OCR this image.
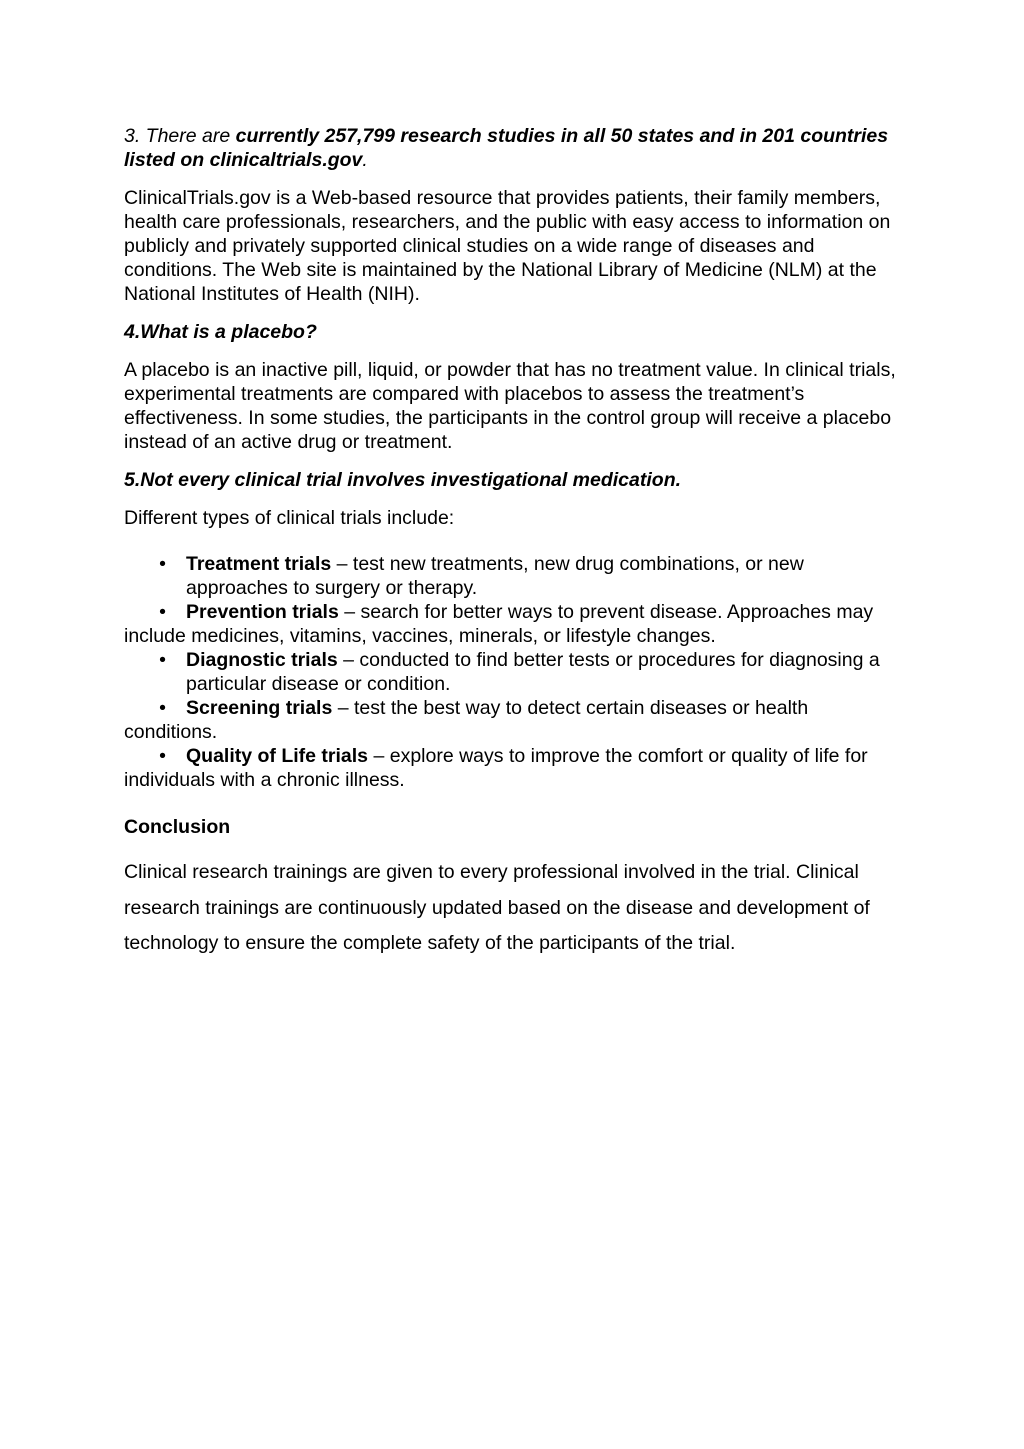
3. There are currently 257,799 research studies in all 50 states and in 201 countries listed on clinicaltrials.gov.

ClinicalTrials.gov is a Web-based resource that provides patients, their family members, health care professionals, researchers, and the public with easy access to information on publicly and privately supported clinical studies on a wide range of diseases and conditions. The Web site is maintained by the National Library of Medicine (NLM) at the National Institutes of Health (NIH).

4.What is a placebo?

A placebo is an inactive pill, liquid, or powder that has no treatment value. In clinical trials, experimental treatments are compared with placebos to assess the treatment’s effectiveness. In some studies, the participants in the control group will receive a placebo instead of an active drug or treatment.

5.Not every clinical trial involves investigational medication.

Different types of clinical trials include:

•	Treatment trials – test new treatments, new drug combinations, or new approaches to surgery or therapy.
• Prevention trials – search for better ways to prevent disease. Approaches may include medicines, vitamins, vaccines, minerals, or lifestyle changes.
•	Diagnostic trials – conducted to find better tests or procedures for diagnosing a particular disease or condition.
• Screening trials – test the best way to detect certain diseases or health conditions.
• Quality of Life trials – explore ways to improve the comfort or quality of life for individuals with a chronic illness.

Conclusion

Clinical research trainings are given to every professional involved in the trial. Clinical research trainings are continuously updated based on the disease and development of technology to ensure the complete safety of the participants of the trial.
